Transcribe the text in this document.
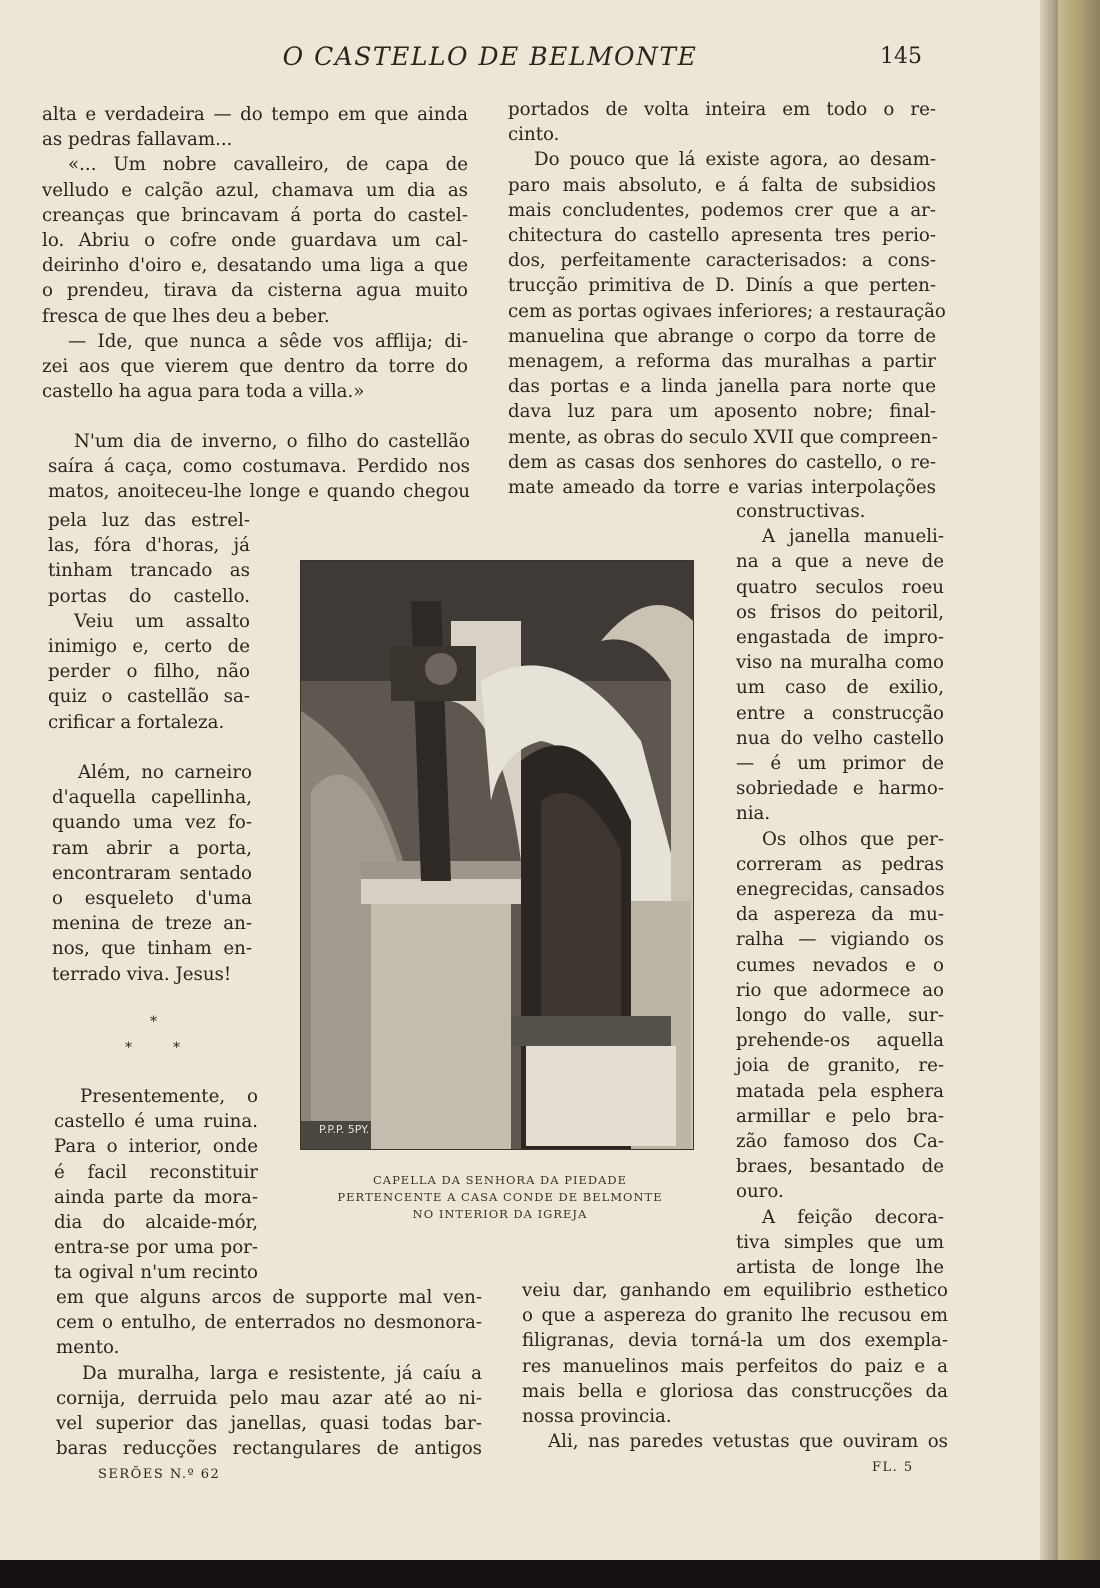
O CASTELLO DE BELMONTE	145
alta e verdadeira — do tempo em que ainda
as pedras fallavam...
«... Um nobre cavalleiro, de capa de
velludo e calção azul, chamava um dia as
creanças que brincavam á porta do castel-
lo. Abriu o cofre onde guardava um cal-
deirinho d'oiro e, desatando uma liga a que
o prendeu, tirava da cisterna agua muito
fresca de que lhes deu a beber.
— Ide, que nunca a sêde vos afflija; di-
zei aos que vierem que dentro da torre do
castello ha agua para toda a villa.»
N'um dia de inverno, o filho do castellão
saíra á caça, como costumava. Perdido nos
matos, anoiteceu-lhe longe e quando chegou
pela luz das estrel-
las, fóra d'horas, já
tinham trancado as
portas do castello.
Veiu um assalto
inimigo e, certo de
perder o filho, não
quiz o castellão sa-
crificar a fortaleza.
Além, no carneiro
d'aquella capellinha,
quando uma vez fo-
ram abrir a porta,
encontraram sentado
o esqueleto d'uma
menina de treze an-
nos, que tinham en-
terrado viva. Jesus!
*
*	*
Presentemente, o
castello é uma ruina.
Para o interior, onde
é facil reconstituir
ainda parte da mora-
dia do alcaide-mór,
entra-se por uma por-
ta ogival n'um recinto
em que alguns arcos de supporte mal ven-
cem o entulho, de enterrados no desmonora-
mento.
Da muralha, larga e resistente, já caíu a
cornija, derruida pelo mau azar até ao ni-
vel superior das janellas, quasi todas bar-
baras reducções rectangulares de antigos
portados de volta inteira em todo o re-
cinto.
Do pouco que lá existe agora, ao desam-
paro mais absoluto, e á falta de subsidios
mais concludentes, podemos crer que a ar-
chitectura do castello apresenta tres perio-
dos, perfeitamente caracterisados: a cons-
trucção primitiva de D. Dinís a que perten-
cem as portas ogivaes inferiores; a restauração
manuelina que abrange o corpo da torre de
menagem, a reforma das muralhas a partir
das portas e a linda janella para norte que
dava luz para um aposento nobre; final-
mente, as obras do seculo XVII que compreen-
dem as casas dos senhores do castello, o re-
mate ameado da torre e varias interpolações
constructivas.
A janella manueli-
na a que a neve de
quatro seculos roeu
os frisos do peitoril,
engastada de impro-
viso na muralha como
um caso de exilio,
entre a construcção
nua do velho castello
— é um primor de
sobriedade e harmo-
nia.
Os olhos que per-
correram as pedras
enegrecidas, cansados
da aspereza da mu-
ralha — vigiando os
cumes nevados e o
rio que adormece ao
longo do valle, sur-
prehende-os aquella
joia de granito, re-
matada pela esphera
armillar e pelo bra-
zão famoso dos Ca-
braes, besantado de
ouro.
A feição decora-
tiva simples que um
artista de longe lhe
veiu dar, ganhando em equilibrio esthetico
o que a aspereza do granito lhe recusou em
filigranas, devia torná-la um dos exempla-
res manuelinos mais perfeitos do paiz e a
mais bella e gloriosa das construcções da
nossa provincia.
Ali, nas paredes vetustas que ouviram os
P.P.P. 5PY.
CAPELLA DA SENHORA DA PIEDADE
PERTENCENTE A CASA CONDE DE BELMONTE
NO INTERIOR DA IGREJA
SERÕES N.º 62	FL. 5
